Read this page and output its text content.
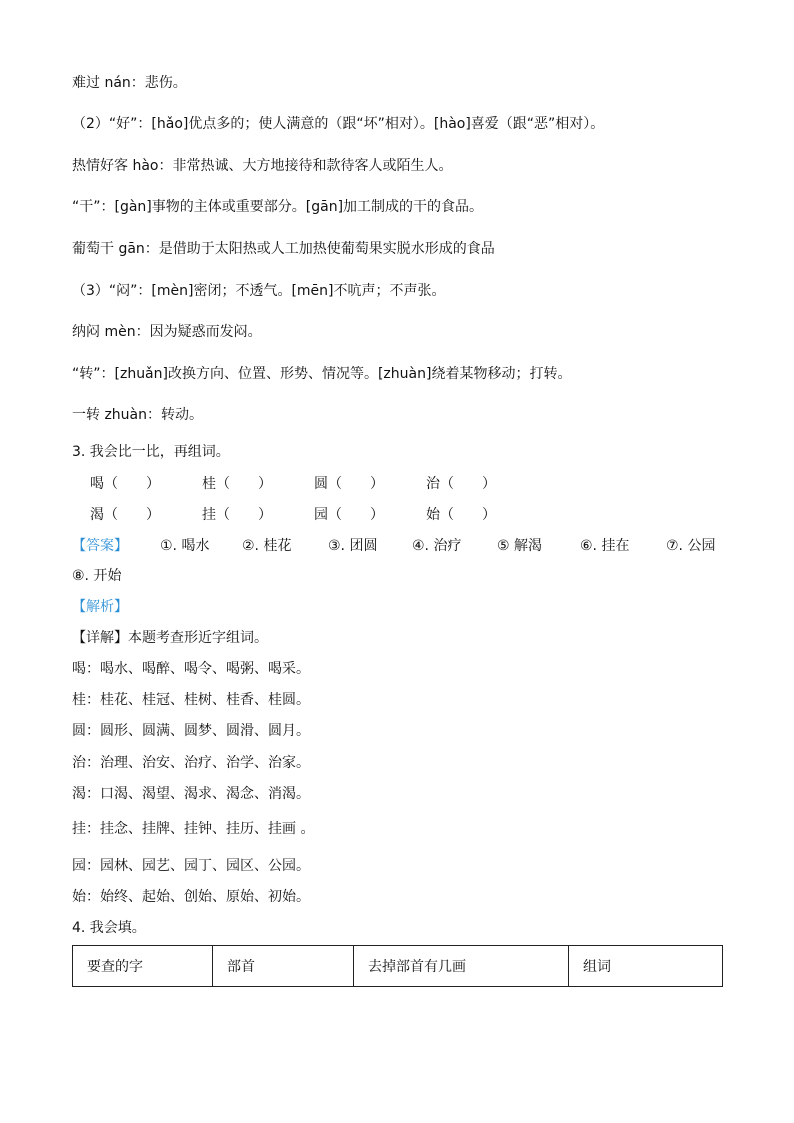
难过 nán：悲伤。
（2）“好”：[hǎo]优点多的；使人满意的（跟“坏”相对）。[hào]喜爱（跟“恶”相对）。
热情好客 hào：非常热诚、大方地接待和款待客人或陌生人。
“干”：[gàn]事物的主体或重要部分。[gān]加工制成的干的食品。
葡萄干 gān：是借助于太阳热或人工加热使葡萄果实脱水形成的食品
（3）“闷”：[mèn]密闭；不透气。[mēn]不吭声；不声张。
纳闷 mèn：因为疑惑而发闷。
“转”：[zhuǎn]改换方向、位置、形势、情况等。[zhuàn]绕着某物移动；打转。
一转 zhuàn：转动。
3. 我会比一比，再组词。
喝（　　）	桂（　　）	圆（　　）	治（　　）
渴（　　）	挂（　　）	园（　　）	始（　　）
【答案】 ①. 喝水 ②. 桂花	③. 团圆 ④. 治疗	⑤ 解渴	⑥. 挂在	⑦. 公园
⑧. 开始
【解析】
【详解】本题考查形近字组词。
喝：喝水、喝醉、喝令、喝粥、喝采。
桂：桂花、桂冠、桂树、桂香、桂圆。
圆：圆形、圆满、圆梦、圆滑、圆月。
治：治理、治安、治疗、治学、治家。
渴：口渴、渴望、渴求、渴念、消渴。
挂：挂念、挂牌、挂钟、挂历、挂画 。
园：园林、园艺、园丁、园区、公园。
始：始终、起始、创始、原始、初始。
4. 我会填。
要查的字	部首	去掉部首有几画	组词
